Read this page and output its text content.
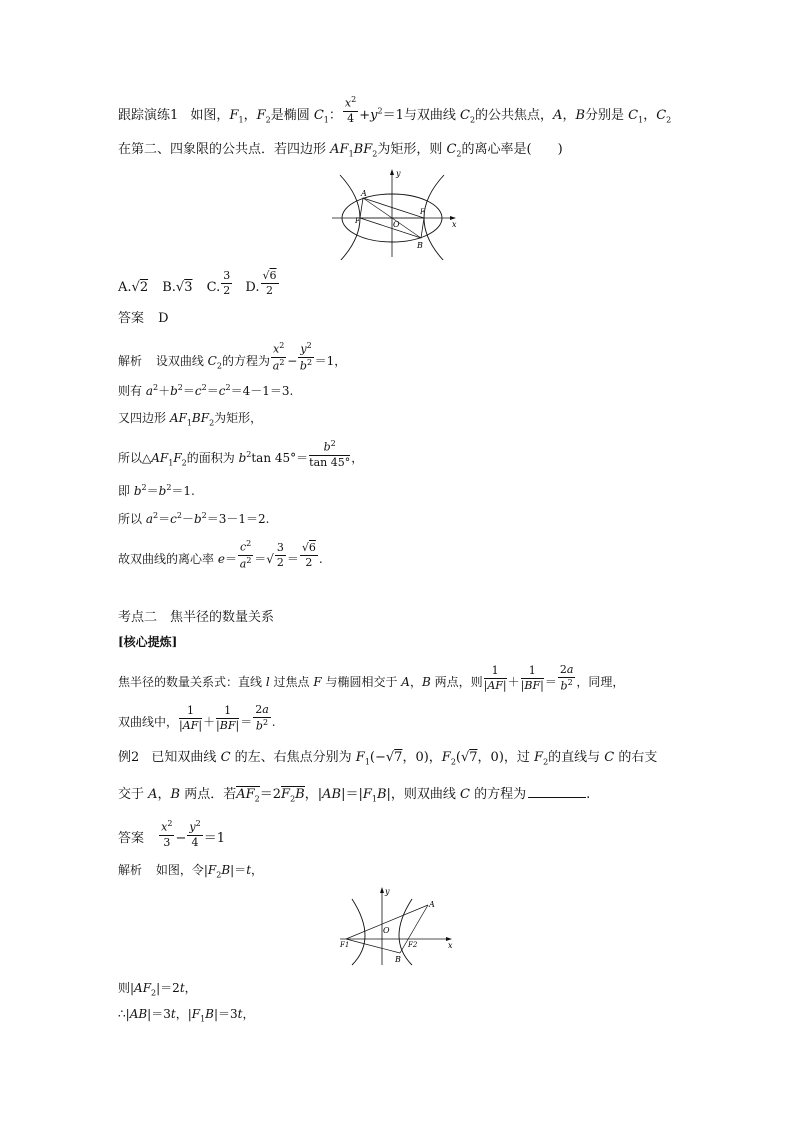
跟踪演练1 如图，$F_1$，$F_2$是椭圆 $C_1$： $\frac{x^2}{4} +y^2=1$与双曲线 $C_2$的公共焦点，A，B分别是 $C_1$，$C_2$
在第二、四象限的公共点．若四边形 $AF_1BF_2$为矩形，则 $C_2$的离心率是(　　)
y
x
A
B
O
F
F
A.√2 B.√3 C. $\frac{3}{2} D$. $\frac{√6}{2}$
答案 D
解析 设双曲线 $C_2$的方程为 $\frac{x^2}{a^2} - \frac{y^2}{b^2} =1$，
则有 $a^2+b^2=c^2=c^2=4-1=3$.
又四边形 $AF_1BF_2$为矩形，
所以$\triangle AF_1F_2$的面积为 $b^2\tan$ $45^\circ= \frac{b^2}{\tan 45^\circ}$ ，
即 $b^2=b^2=1$.
所以 $a^2=c^2-b^2=3-1=2$.
故双曲线的离心率 $e= \frac{c^2}{a^2}$ ＝√ $\frac{3}{2} = \frac{√6}{2}$ .
考点二　焦半径的数量关系
[核心提炼]
焦半径的数量关系式：直线 l 过焦点 F 与椭圆相交于 A，B 两点，则 $\frac{1}{|AF|} + \frac{1}{|BF|} = \frac{2a}{b^2}$ ，同理，
双曲线中， $\frac{1}{|AF|} + \frac{1}{|BF|} = \frac{2a}{b^2}$ .
例2 已知双曲线 C 的左、右焦点分别为 $F_1(-√7$，0)，$F_2(√7$，0)，过 $F_2$的直线与 C 的右支
交于 A，B 两点．若$AF_2=2F_2B$，$|AB|=|F_1B|$，则双曲线 C 的方程为	.
答案 $\frac{x^2}{3} - \frac{y^2}{4} =1$
解析 如图，令$|F_2B|=t$，
y
x
A
B
O
F1	F2
则$|AF_2|=2t$，
∴|AB|＝3t，$|F_1B|=3t$，
